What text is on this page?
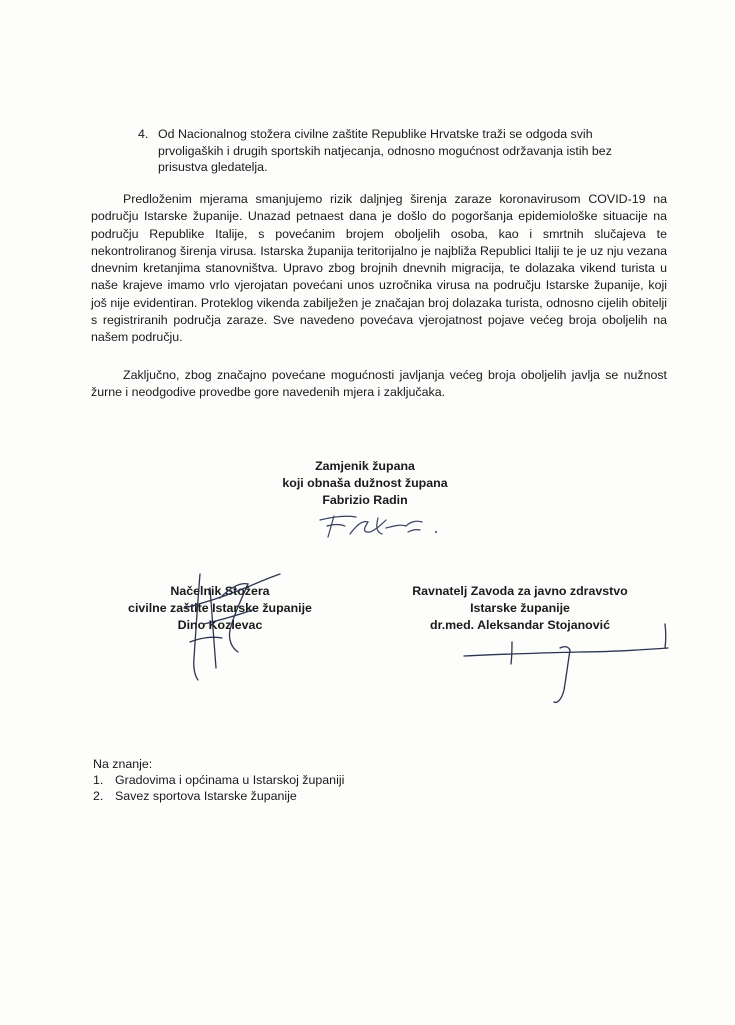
4. Od Nacionalnog stožera civilne zaštite Republike Hrvatske traži se odgoda svih prvoligaških i drugih sportskih natjecanja, odnosno mogućnost održavanja istih bez prisustva gledatelja.
Predloženim mjerama smanjujemo rizik daljnjeg širenja zaraze koronavirusom COVID-19 na području Istarske županije. Unazad petnaest dana je došlo do pogoršanja epidemiološke situacije na području Republike Italije, s povećanim brojem oboljelih osoba, kao i smrtnih slučajeva te nekontroliranog širenja virusa. Istarska županija teritorijalno je najbliža Republici Italiji te je uz nju vezana dnevnim kretanjima stanovništva. Upravo zbog brojnih dnevnih migracija, te dolazaka vikend turista u naše krajeve imamo vrlo vjerojatan povećani unos uzročnika virusa na području Istarske županije, koji još nije evidentiran. Proteklog vikenda zabilježen je značajan broj dolazaka turista, odnosno cijelih obitelji s registriranih područja zaraze. Sve navedeno povećava vjerojatnost pojave većeg broja oboljelih na našem području.
Zaključno, zbog značajno povećane mogućnosti javljanja većeg broja oboljelih javlja se nužnost žurne i neodgodive provedbe gore navedenih mjera i zaključaka.
Zamjenik župana
koji obnaša dužnost župana
Fabrizio Radin
Načelnik Stožera
civilne zaštite Istarske županije
Dino Kozlevac
Ravnatelj Zavoda za javno zdravstvo
Istarske županije
dr.med. Aleksandar Stojanović
Na znanje:
1. Gradovima i općinama u Istarskoj županiji
2. Savez sportova Istarske županije
